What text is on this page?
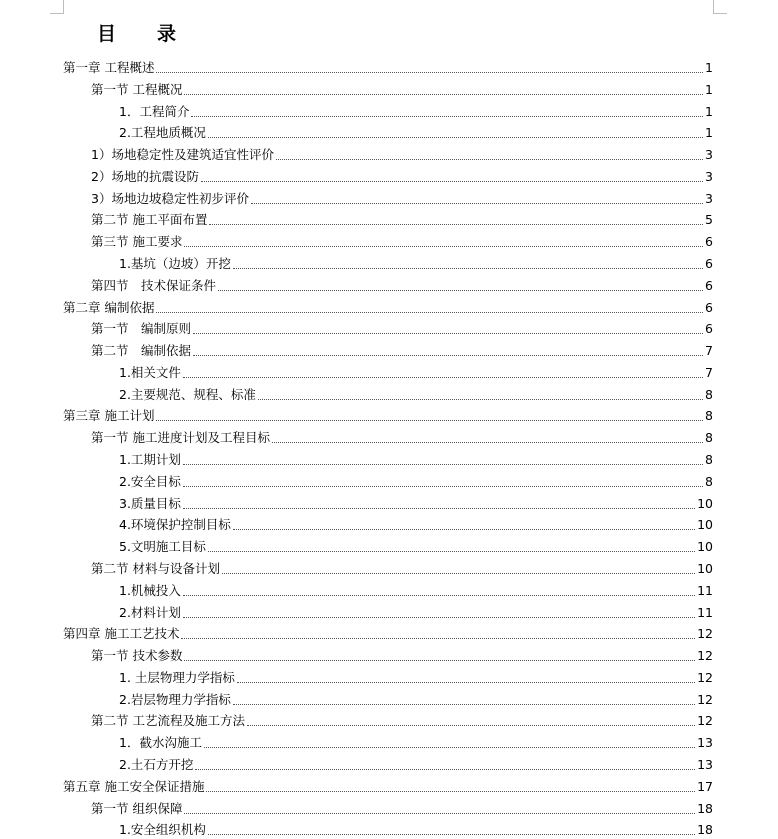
目　　录
第一章 工程概述	1
第一节 工程概况	1
1．工程简介	1
2.工程地质概况	1
1）场地稳定性及建筑适宜性评价	3
2）场地的抗震设防	3
3）场地边坡稳定性初步评价	3
第二节 施工平面布置	5
第三节 施工要求	6
1.基坑（边坡）开挖	6
第四节　技术保证条件	6
第二章 编制依据	6
第一节　编制原则	6
第二节　编制依据	7
1.相关文件	7
2.主要规范、规程、标准	8
第三章 施工计划	8
第一节 施工进度计划及工程目标	8
1.工期计划	8
2.安全目标	8
3.质量目标	10
4.环境保护控制目标	10
5.文明施工目标	10
第二节 材料与设备计划	10
1.机械投入	11
2.材料计划	11
第四章 施工工艺技术	12
第一节 技术参数	12
1. 土层物理力学指标	12
2.岩层物理力学指标	12
第二节 工艺流程及施工方法	12
1．截水沟施工	13
2.土石方开挖	13
第五章 施工安全保证措施	17
第一节 组织保障	18
1.安全组织机构	18
